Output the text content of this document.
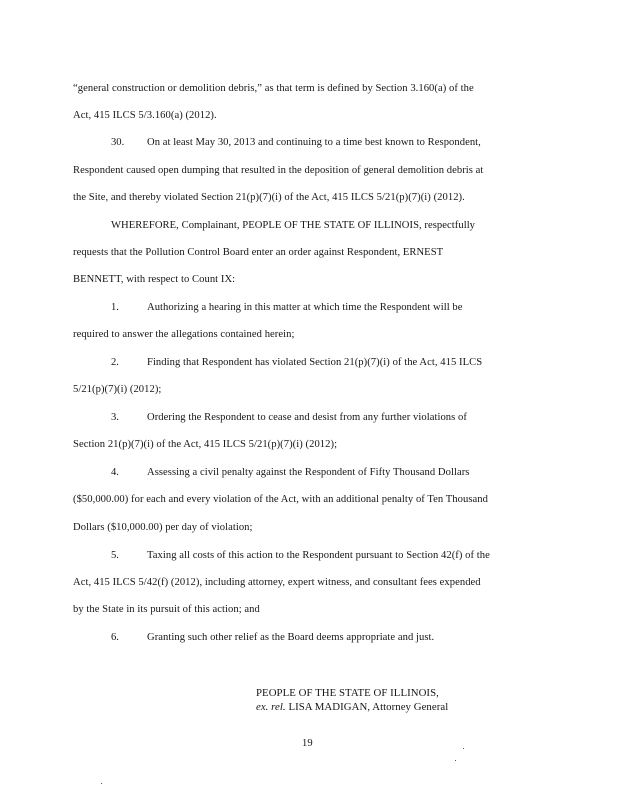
“general construction or demolition debris,” as that term is defined by Section 3.160(a) of the
Act, 415 ILCS 5/3.160(a) (2012).
30. On at least May 30, 2013 and continuing to a time best known to Respondent,
Respondent caused open dumping that resulted in the deposition of general demolition debris at
the Site, and thereby violated Section 21(p)(7)(i) of the Act, 415 ILCS 5/21(p)(7)(i) (2012).
WHEREFORE, Complainant, PEOPLE OF THE STATE OF ILLINOIS, respectfully
requests that the Pollution Control Board enter an order against Respondent, ERNEST
BENNETT, with respect to Count IX:
1.	Authorizing a hearing in this matter at which time the Respondent will be
required to answer the allegations contained herein;
2.	Finding that Respondent has violated Section 21(p)(7)(i) of the Act, 415 ILCS
5/21(p)(7)(i) (2012);
3.	Ordering the Respondent to cease and desist from any further violations of
Section 21(p)(7)(i) of the Act, 415 ILCS 5/21(p)(7)(i) (2012);
4.	Assessing a civil penalty against the Respondent of Fifty Thousand Dollars
($50,000.00) for each and every violation of the Act, with an additional penalty of Ten Thousand
Dollars ($10,000.00) per day of violation;
5.	Taxing all costs of this action to the Respondent pursuant to Section 42(f) of the
Act, 415 ILCS 5/42(f) (2012), including attorney, expert witness, and consultant fees expended
by the State in its pursuit of this action; and
6.	Granting such other relief as the Board deems appropriate and just.
PEOPLE OF THE STATE OF ILLINOIS,
ex. rel. LISA MADIGAN, Attorney General
19
